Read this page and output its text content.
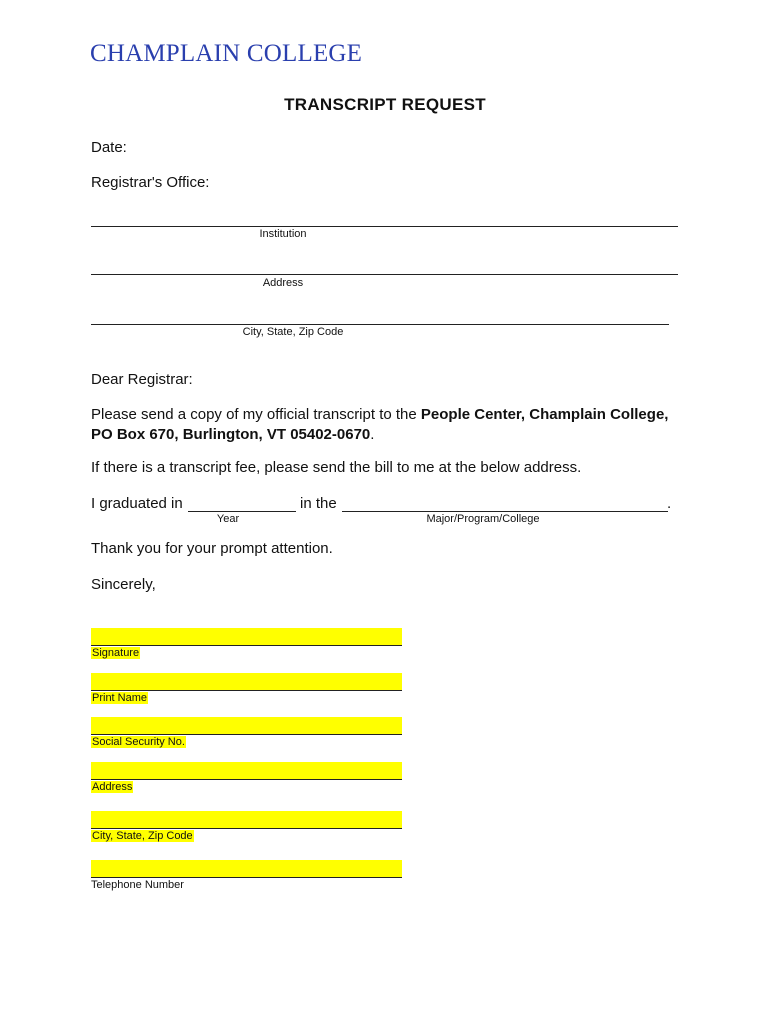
CHAMPLAIN COLLEGE
TRANSCRIPT REQUEST
Date:
Registrar's Office:
Institution
Address
City, State, Zip Code
Dear Registrar:
Please send a copy of my official transcript to the People Center, Champlain College, PO Box 670, Burlington, VT 05402-0670.
If there is a transcript fee, please send the bill to me at the below address.
I graduated in	in the	.
Year	Major/Program/College
Thank you for your prompt attention.
Sincerely,
Signature
Print Name
Social Security No.
Address
City, State, Zip Code
Telephone Number
